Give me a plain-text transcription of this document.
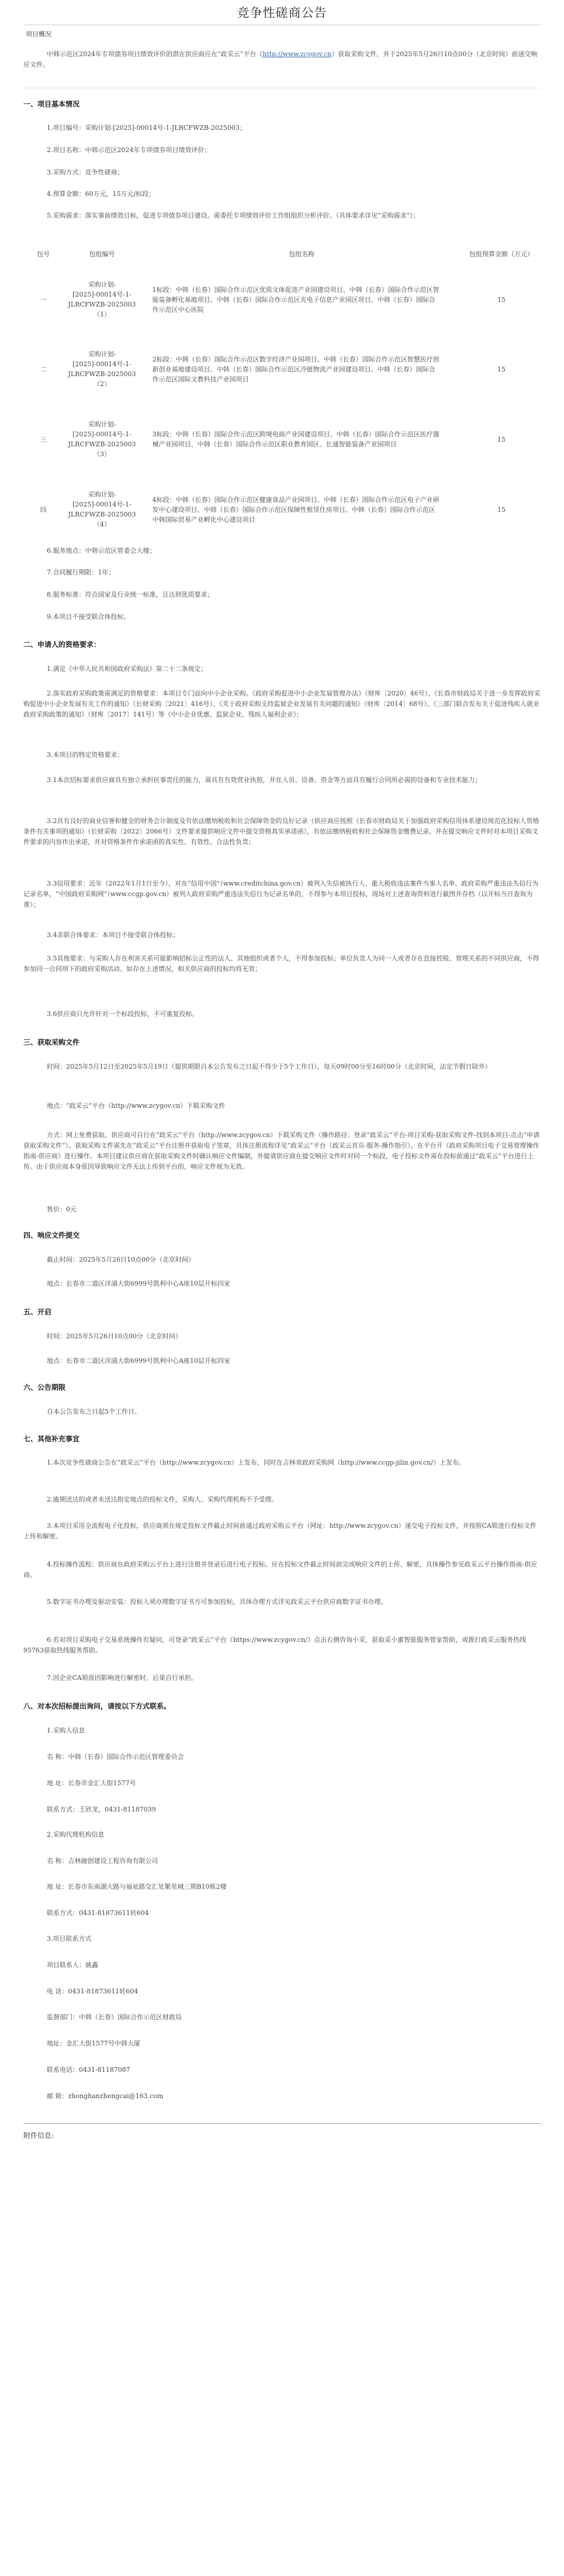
竞争性磋商公告

项目概况

中韩示范区2024年专项债券项目绩效评价的潜在供应商应在“政采云”平台（http://www.zcygov.cn）获取采购文件，并于2025年5月26日10点00分（北京时间）前递交响应文件。

一、项目基本情况

1.项目编号：采购计划-[2025]-00014号-1-JLRCFWZB-2025003；

2.项目名称：中韩示范区2024年专项债券项目绩效评价；

3.采购方式：竞争性磋商；

4.预算金额：60万元，15万元/标段；

5.采购需求：落实事前绩效目标，促进专项债券项目建设。需委托专项绩效评价工作组组织分析评价。（具体要求详见“采购需求”）；

包号	包组编号	包组名称	包组预算金额（万元）
一	采购计划-[2025]-00014号-1-JLRCFWZB-2025003（1）	1标段：中韩（长春）国际合作示范区优质文体促进产业园建设项目、中韩（长春）国际合作示范区智能装备孵化基地项目、中韩（长春）国际合作示范区光电子信息产业园区项目、中韩（长春）国际合作示范区中心医院	15
二	采购计划-[2025]-00014号-1-JLRCFWZB-2025003（2）	2标段：中韩（长春）国际合作示范区数字经济产业园项目、中韩（长春）国际合作示范区智慧医疗创新创业基地建设项目、中韩（长春）国际合作示范区冷链物流产业园建设项目、中韩（长春）国际合作示范区国际文教科技产业园项目	15
三	采购计划-[2025]-00014号-1-JLRCFWZB-2025003（3）	3标段：中韩（长春）国际合作示范区跨境电商产业园建设项目、中韩（长春）国际合作示范区医疗器械产业园项目、中韩（长春）国际合作示范区职业教育园区、长通智能装备产业园项目	15
四	采购计划-[2025]-00014号-1-JLRCFWZB-2025003（4）	4标段：中韩（长春）国际合作示范区健康食品产业园项目、中韩（长春）国际合作示范区电子产业研发中心建设项目、中韩（长春）国际合作示范区保障性租赁住房项目、中韩（长春）国际合作示范区中韩国际贸易产业孵化中心建设项目	15

6.服务地点：中韩示范区管委会大楼；

7.合同履行期限：1年；

8.服务标准：符合国家及行业统一标准，且达到优质要求；

9.本项目不接受联合体投标。

二、申请人的资格要求：

1.满足《中华人民共和国政府采购法》第二十二条规定；

2.落实政府采购政策需满足的资格要求：本项目专门面向中小企业采购。《政府采购促进中小企业发展管理办法》（财库〔2020〕46号）、《长春市财政局关于进一步发挥政府采购促进中小企业发展有关工作的通知》（长财采购〔2021〕416号）、《关于政府采购支持监狱企业发展有关问题的通知》（财库〔2014〕68号）、《三部门联合发布关于促进残疾人就业政府采购政策的通知》（财库〔2017〕141号）等《中小企业优惠、监狱企业、残疾人福利企业》；

3.本项目的特定资格要求：

3.1本次招标要求供应商具有独立承担民事责任的能力，需具有有效营业执照，并在人员、设备、资金等方面具有履行合同所必需的设备和专业技术能力；

3.2具有良好的商业信誉和健全的财务会计制度及有依法缴纳税收和社会保障资金的良好记录（供应商应按照《长春市财政局关于加强政府采购信用体系建设规范化投标人资格条件有关事项的通知》（长财采购〔2022〕2066号）文件要求提供响应文件中提交资格真实承诺函），有依法缴纳税收和社会保障资金缴费记录。并在提交响应文件时对本项目采购文件要求的内容作出承诺，并对资格条件作承诺函的真实性、有效性、合法性负责；

3.3信用要求：近年（2022年1月1日至今），对在“信用中国”（www.creditchina.gov.cn）被列入失信被执行人、重大税收违法案件当事人名单、政府采购严重违法失信行为记录名单，“中国政府采购网”（www.ccgp.gov.cn）被列入政府采购严重违法失信行为记录名单的，不得参与本项目投标，现场对上述查询资料进行截图并存档（以开标当日查询为准）；

3.4非联合体要求：本项目不接受联合体投标；

3.5其他要求：与采购人存在利害关系可能影响招标公正性的法人、其他组织或者个人，不得参加投标；单位负责人为同一人或者存在直接控股、管理关系的不同供应商，不得参加同一合同项下的政府采购活动。如存在上述情况，相关供应商的投标均将无效；

3.6供应商只允许针对一个标段投标，不可重复投标。

三、获取采购文件

时间：2025年5月12日至2025年5月19日（提供期限自本公告发布之日起不得少于5个工作日），每天09时00分至16时00分（北京时间，法定节假日除外）

地点：“政采云”平台（http://www.zcygov.cn）下载采购文件

方式：网上免费获取。供应商可自行在“政采云”平台（http://www.zcygov.cn）下载采购文件（操作路径：登录“政采云”平台-项目采购-获取采购文件-找到本项目-点击“申请获取采购文件”）。获取采购文件需先在“政采云”平台注册并获取电子签章，具体注册流程详见“政采云”平台（政采云首页-服务-操作指引）。在平台开《政府采购项目电子交易管理操作指南-供应商》进行操作。本项目建议供应商在获取采购文件时确认响应文件编制，并提请供应商在提交响应文件时对同一个标段，电子投标文件需在投标前通过“政采云”平台进行上传。由于供应商本身原因导致响应文件无法上传到平台的，响应文件视为无效。

售价：0元

四、响应文件提交

截止时间：2025年5月26日10点00分（北京时间）

地点：长春市二道区洋浦大街6999号凯利中心A座10层开标四室

五、开启

时间：2025年5月26日10点00分（北京时间）

地点：长春市二道区洋浦大街6999号凯利中心A座10层开标四室

六、公告期限

自本公告发布之日起5个工作日。

七、其他补充事宜

1.本次竞争性磋商公告在“政采云”平台（http://www.zcygov.cn）上发布，同时在吉林省政府采购网（http://www.ccgp-jilin.gov.cn/）上发布。

2.逾期送达的或者未送达指定地点的投标文件，采购人、采购代理机构不予受理。

3.本项目采用全流程电子化投标，供应商须在规定投标文件截止时间前通过政府采购云平台（网址：http://www.zcygov.cn）递交电子投标文件，并按照CA锁进行投标文件上传和解密。

4.投标操作流程：供应商在政府采购云平台上进行注册并登录后进行电子投标。应在投标文件截止时间前完成响应文件的上传、解密，具体操作参见政采云平台操作指南-供应商。

5.数字证书办理及驱动安装：投标人须办理数字证书方可参加投标，具体办理方式详见政采云平台供应商数字证书办理。

6.若对项目采购电子交易系统操作有疑问，可登录“政采云”平台（https://www.zcygov.cn/）点击右侧咨询小采，获取采小蜜智能服务管家帮助，或拨打政采云服务热线95763获取热线服务帮助。

7.因企业CA锁原因影响进行解密时，后果自行承担。

八、对本次招标提出询问，请按以下方式联系。

1.采购人信息

名 称：中韩（长春）国际合作示范区管理委员会

地 址：长春市金汇大街1577号

联系方式：王欣龙，0431-81187039

2.采购代理机构信息

名 称：吉林融创建设工程咨询有限公司

地 址：长春市东南湖大路与福祉路交汇处繁星城三期B10栋2楼

联系方式：0431-81873611转604

3.项目联系方式

项目联系人：姚鑫

电 话：0431-81873611转604

监督部门：中韩（长春）国际合作示范区财政局

地址：金汇大街1577号中韩大厦

联系电话：0431-81187087

邮 箱：zhonghanzhengcai@163.com

附件信息:
